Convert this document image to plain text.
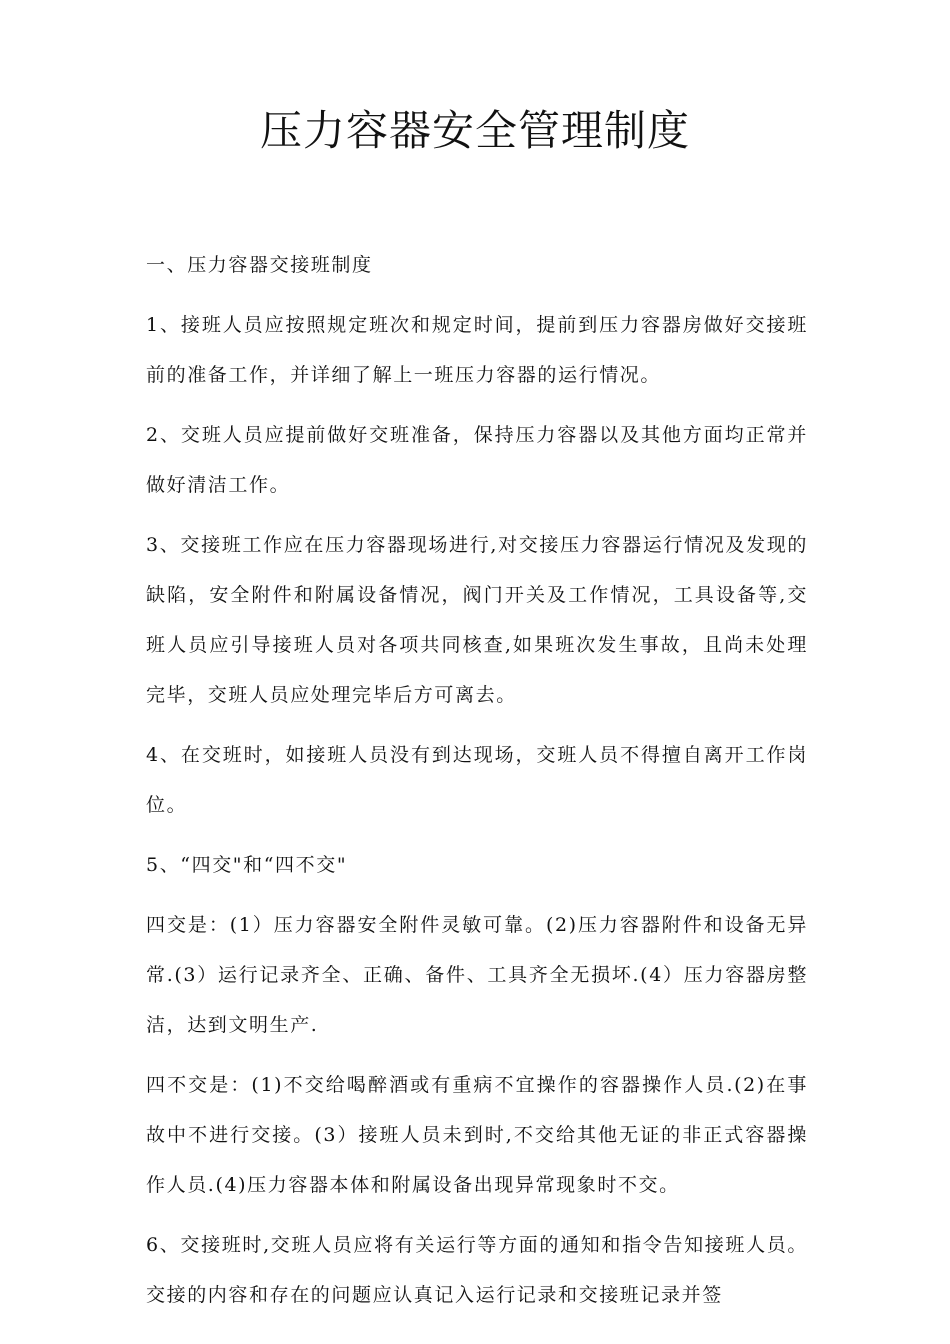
压力容器安全管理制度

一、压力容器交接班制度

1、接班人员应按照规定班次和规定时间，提前到压力容器房做好交接班前的准备工作，并详细了解上一班压力容器的运行情况。

2、交班人员应提前做好交班准备，保持压力容器以及其他方面均正常并做好清洁工作。

3、交接班工作应在压力容器现场进行,对交接压力容器运行情况及发现的缺陷，安全附件和附属设备情况，阀门开关及工作情况，工具设备等,交班人员应引导接班人员对各项共同核查,如果班次发生事故，且尚未处理完毕，交班人员应处理完毕后方可离去。

4、在交班时，如接班人员没有到达现场，交班人员不得擅自离开工作岗位。

5、“四交"和“四不交"

四交是：(1）压力容器安全附件灵敏可靠。(2)压力容器附件和设备无异常.(3）运行记录齐全、正确、备件、工具齐全无损坏.(4）压力容器房整洁，达到文明生产.

四不交是：(1)不交给喝醉酒或有重病不宜操作的容器操作人员.(2)在事故中不进行交接。(3）接班人员未到时,不交给其他无证的非正式容器操作人员.(4)压力容器本体和附属设备出现异常现象时不交。

6、交接班时,交班人员应将有关运行等方面的通知和指令告知接班人员。交接的内容和存在的问题应认真记入运行记录和交接班记录并签
